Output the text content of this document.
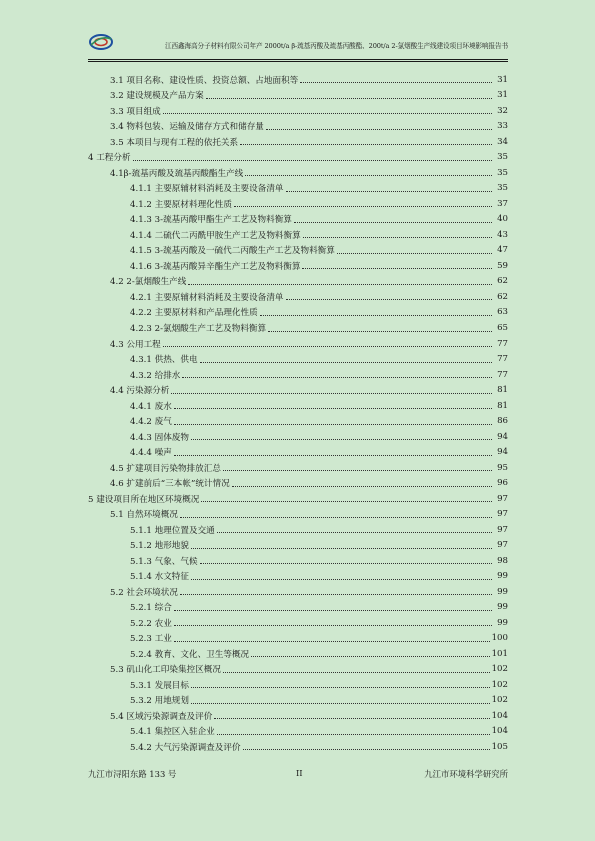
江西鑫海高分子材料有限公司年产 2000t/a β-巯基丙酸及巯基丙酸酯、200t/a 2-氯烟酸生产线建设项目环境影响报告书
3.1 项目名称、建设性质、投资总额、占地面积等	31
3.2 建设规模及产品方案	31
3.3 项目组成	32
3.4 物料包装、运输及储存方式和储存量	33
3.5 本项目与现有工程的依托关系	34
4 工程分析	35
4.1β-巯基丙酸及巯基丙酸酯生产线	35
4.1.1 主要原辅材料消耗及主要设备清单	35
4.1.2 主要原材料理化性质	37
4.1.3 3-巯基丙酸甲酯生产工艺及物料衡算	40
4.1.4 二硫代二丙酰甲胺生产工艺及物料衡算	43
4.1.5 3-巯基丙酸及一硫代二丙酸生产工艺及物料衡算	47
4.1.6 3-巯基丙酸异辛酯生产工艺及物料衡算	59
4.2 2-氯烟酸生产线	62
4.2.1 主要原辅材料消耗及主要设备清单	62
4.2.2 主要原材料和产品理化性质	63
4.2.3 2-氯烟酸生产工艺及物料衡算	65
4.3 公用工程	77
4.3.1 供热、供电	77
4.3.2 给排水	77
4.4 污染源分析	81
4.4.1 废水	81
4.4.2 废气	86
4.4.3 固体废物	94
4.4.4 噪声	94
4.5 扩建项目污染物排放汇总	95
4.6 扩建前后“三本帐”统计情况	96
5 建设项目所在地区环境概况	97
5.1 自然环境概况	97
5.1.1 地理位置及交通	97
5.1.2 地形地貌	97
5.1.3 气象、气候	98
5.1.4 水文特征	99
5.2 社会环境状况	99
5.2.1 综合	99
5.2.2 农业	99
5.2.3 工业	100
5.2.4 教育、文化、卫生等概况	101
5.3 矶山化工印染集控区概况	102
5.3.1 发展目标	102
5.3.2 用地规划	102
5.4 区域污染源调查及评价	104
5.4.1 集控区入驻企业	104
5.4.2 大气污染源调查及评价	105
九江市浔阳东路 133 号	II	九江市环境科学研究所
